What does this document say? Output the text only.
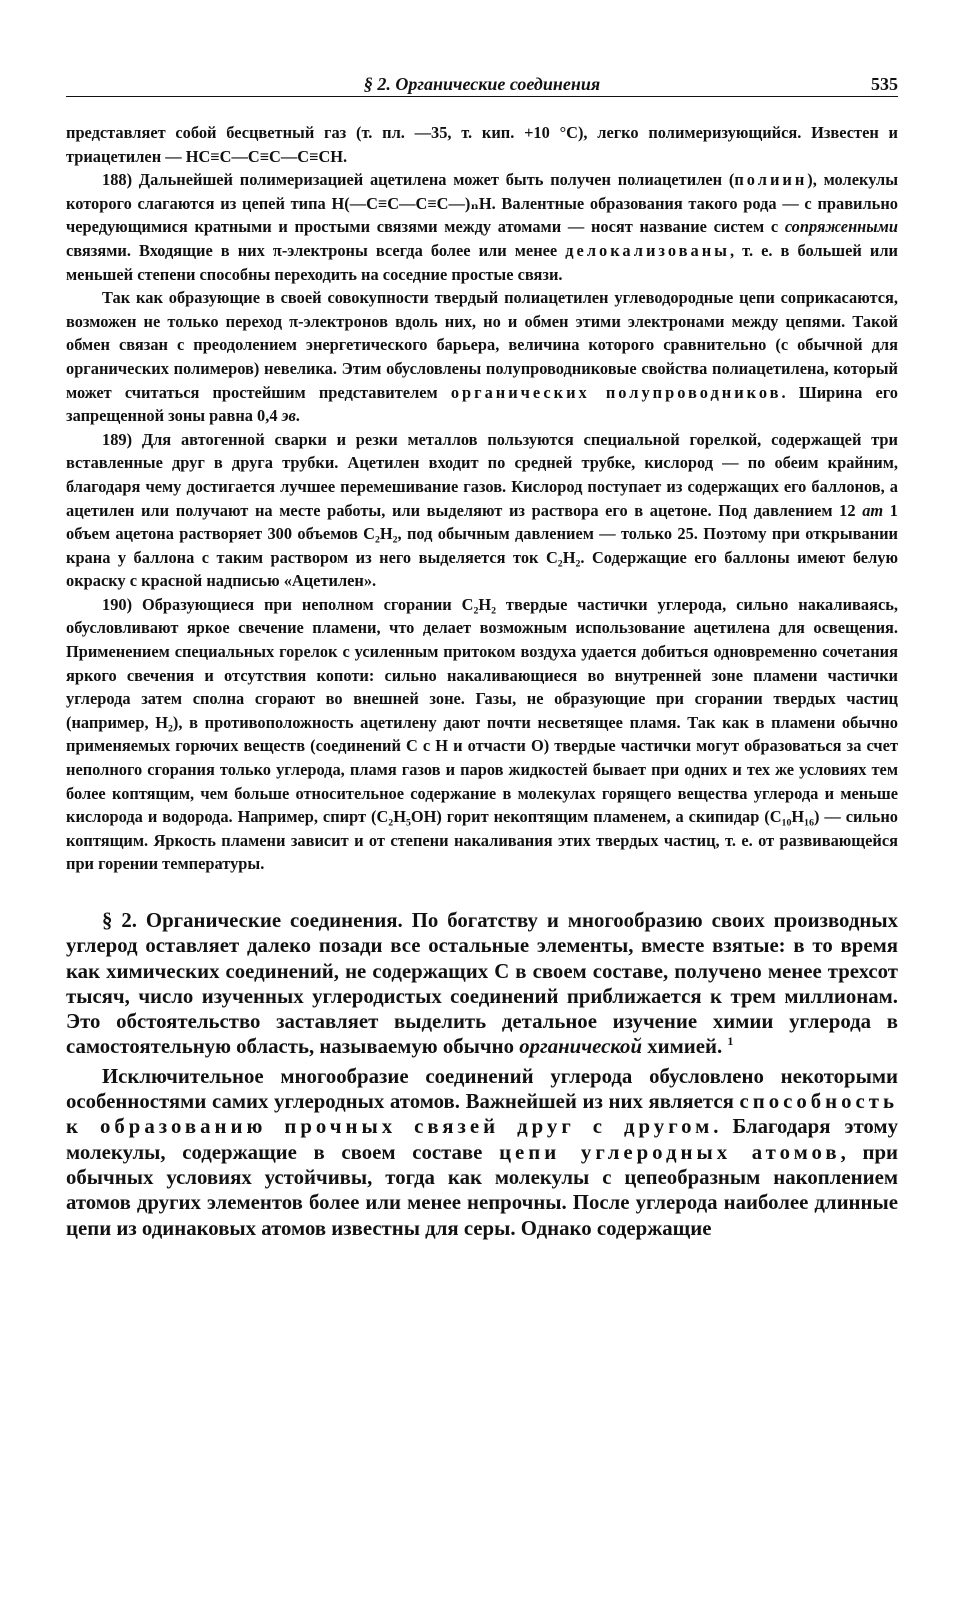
§ 2. Органические соединения	535

представляет собой бесцветный газ (т. пл. —35, т. кип. +10 °С), легко полимеризующийся. Известен и триацетилен — HC≡C—C≡C—C≡CH.

188) Дальнейшей полимеризацией ацетилена может быть получен полиацетилен (полиин), молекулы которого слагаются из цепей типа H(—C≡C—C≡C—)ₙH. Валентные образования такого рода — с правильно чередующимися кратными и простыми связями между атомами — носят название систем с сопряженными связями. Входящие в них π-электроны всегда более или менее делокализованы, т. е. в большей или меньшей степени способны переходить на соседние простые связи.

Так как образующие в своей совокупности твердый полиацетилен углеводородные цепи соприкасаются, возможен не только переход π-электронов вдоль них, но и обмен этими электронами между цепями. Такой обмен связан с преодолением энергетического барьера, величина которого сравнительно (с обычной для органических полимеров) невелика. Этим обусловлены полупроводниковые свойства полиацетилена, который может считаться простейшим представителем органических полупроводников. Ширина его запрещенной зоны равна 0,4 эв.

189) Для автогенной сварки и резки металлов пользуются специальной горелкой, содержащей три вставленные друг в друга трубки. Ацетилен входит по средней трубке, кислород — по обеим крайним, благодаря чему достигается лучшее перемешивание газов. Кислород поступает из содержащих его баллонов, а ацетилен или получают на месте работы, или выделяют из раствора его в ацетоне. Под давлением 12 ат 1 объем ацетона растворяет 300 объемов C₂H₂, под обычным давлением — только 25. Поэтому при открывании крана у баллона с таким раствором из него выделяется ток C₂H₂. Содержащие его баллоны имеют белую окраску с красной надписью «Ацетилен».

190) Образующиеся при неполном сгорании C₂H₂ твердые частички углерода, сильно накаливаясь, обусловливают яркое свечение пламени, что делает возможным использование ацетилена для освещения. Применением специальных горелок с усиленным притоком воздуха удается добиться одновременно сочетания яркого свечения и отсутствия копоти: сильно накаливающиеся во внутренней зоне пламени частички углерода затем сполна сгорают во внешней зоне. Газы, не образующие при сгорании твердых частиц (например, H₂), в противоположность ацетилену дают почти несветящее пламя. Так как в пламени обычно применяемых горючих веществ (соединений C с H и отчасти O) твердые частички могут образоваться за счет неполного сгорания только углерода, пламя газов и паров жидкостей бывает при одних и тех же условиях тем более коптящим, чем больше относительное содержание в молекулах горящего вещества углерода и меньше кислорода и водорода. Например, спирт (C₂H₅OH) горит некоптящим пламенем, а скипидар (C₁₀H₁₆) — сильно коптящим. Яркость пламени зависит и от степени накаливания этих твердых частиц, т. е. от развивающейся при горении температуры.

§ 2. Органические соединения. По богатству и многообразию своих производных углерод оставляет далеко позади все остальные элементы, вместе взятые: в то время как химических соединений, не содержащих C в своем составе, получено менее трехсот тысяч, число изученных углеродистых соединений приближается к трем миллионам. Это обстоятельство заставляет выделить детальное изучение химии углерода в самостоятельную область, называемую обычно органической химией. $^1$

Исключительное многообразие соединений углерода обусловлено некоторыми особенностями самих углеродных атомов. Важнейшей из них является способность к образованию прочных связей друг с другом. Благодаря этому молекулы, содержащие в своем составе цепи углеродных атомов, при обычных условиях устойчивы, тогда как молекулы с цепеобразным накоплением атомов других элементов более или менее непрочны. После углерода наиболее длинные цепи из одинаковых атомов известны для серы. Однако содержащие
